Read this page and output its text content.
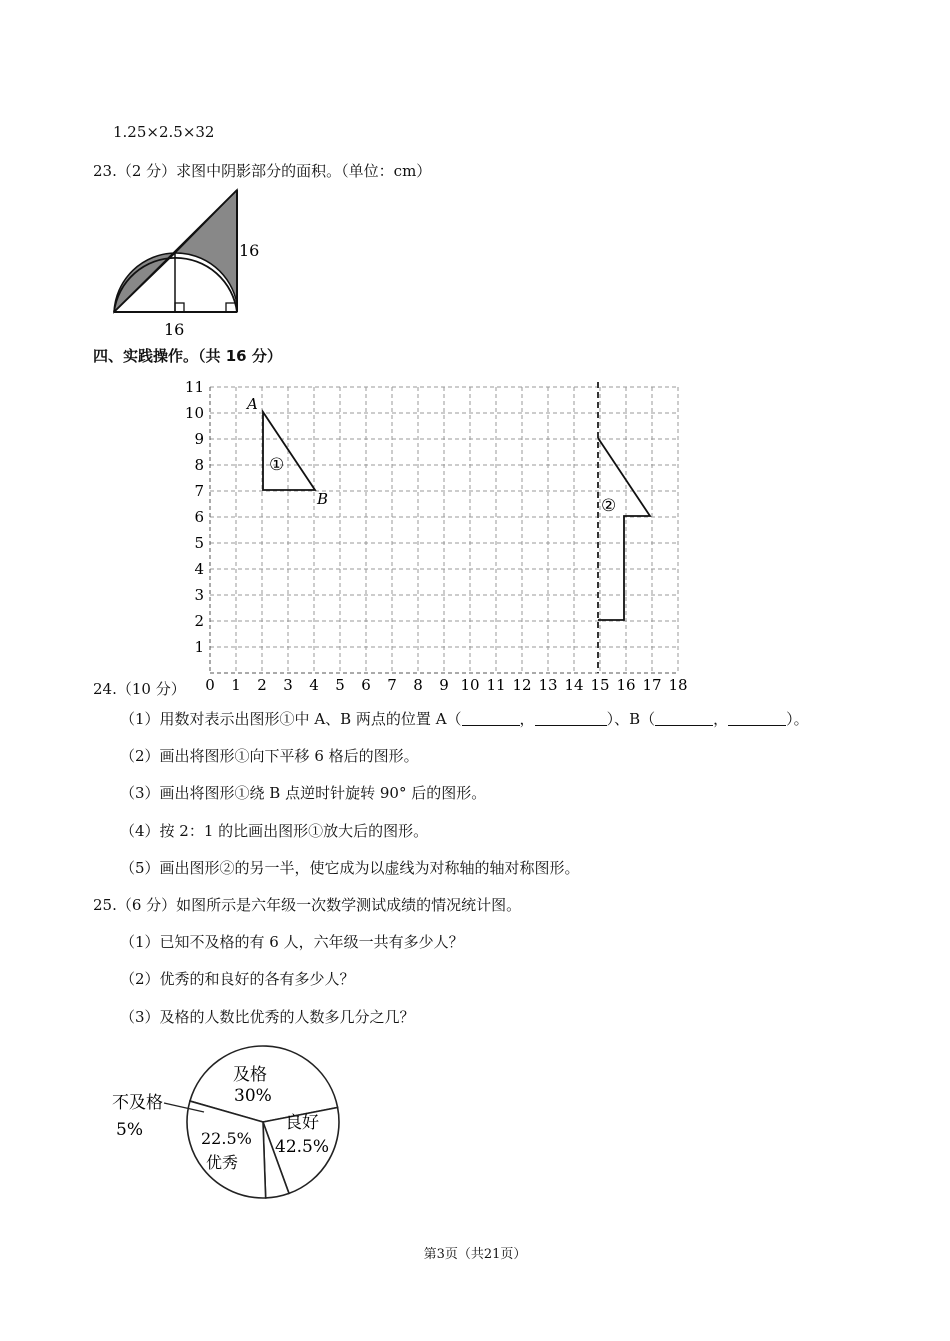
1.25×2.5×32
23.（2 分）求图中阴影部分的面积。（单位：cm）
16
16
四、实践操作。（共 16 分）
11
10
9
8
7
6
5
4
3
2
1
0 1 2 3 4 5 6 7 8 9 10 11 12 13 14 15 16 17 18
A
B
①
②
24.（10 分）
（1）用数对表示出图形①中 A、B 两点的位置 A（	，	）、B（	，	）。
（2）画出将图形①向下平移 6 格后的图形。
（3）画出将图形①绕 B 点逆时针旋转 90° 后的图形。
（4）按 2：1 的比画出图形①放大后的图形。
（5）画出图形②的另一半，使它成为以虚线为对称轴的轴对称图形。
25.（6 分）如图所示是六年级一次数学测试成绩的情况统计图。
（1）已知不及格的有 6 人，六年级一共有多少人？
（2）优秀的和良好的各有多少人？
（3）及格的人数比优秀的人数多几分之几？
及格
30%
良好
42.5%
22.5%
优秀
不及格
5%
第3页（共21页）
